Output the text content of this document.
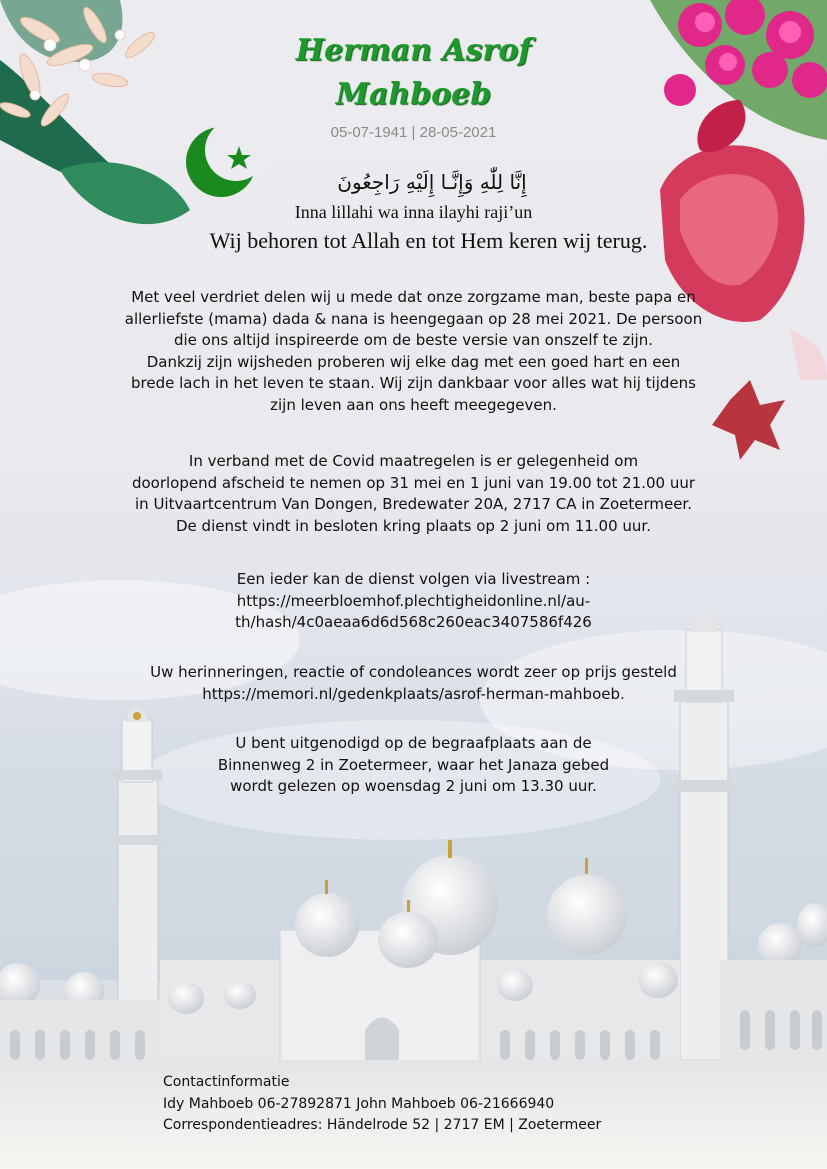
Herman Asrof
Mahboeb
05-07-1941 | 28-05-2021
إِنَّا لِلّٰهِ وَإِنَّـا إِلَيْهِ رَاجِعُونَ
Inna lillahi wa inna ilayhi raji’un
Wij behoren tot Allah en tot Hem keren wij terug.
Met veel verdriet delen wij u mede dat onze zorgzame man, beste papa en
allerliefste (mama) dada & nana is heengegaan op 28 mei 2021. De persoon
die ons altijd inspireerde om de beste versie van onszelf te zijn.
Dankzij zijn wijsheden proberen wij elke dag met een goed hart en een
brede lach in het leven te staan. Wij zijn dankbaar voor alles wat hij tijdens
zijn leven aan ons heeft meegegeven.
In verband met de Covid maatregelen is er gelegenheid om
doorlopend afscheid te nemen op 31 mei en 1 juni van 19.00 tot 21.00 uur
in Uitvaartcentrum Van Dongen, Bredewater 20A, 2717 CA in Zoetermeer.
De dienst vindt in besloten kring plaats op 2 juni om 11.00 uur.
Een ieder kan de dienst volgen via livestream :
https://meerbloemhof.plechtigheidonline.nl/au-
th/hash/4c0aeaa6d6d568c260eac3407586f426
Uw herinneringen, reactie of condoleances wordt zeer op prijs gesteld
https://memori.nl/gedenkplaats/asrof-herman-mahboeb.
U bent uitgenodigd op de begraafplaats aan de
Binnenweg 2 in Zoetermeer, waar het Janaza gebed
wordt gelezen op woensdag 2 juni om 13.30 uur.
Contactinformatie
Idy Mahboeb 06-27892871 John Mahboeb 06-21666940
Correspondentieadres: Händelrode 52 | 2717 EM | Zoetermeer
